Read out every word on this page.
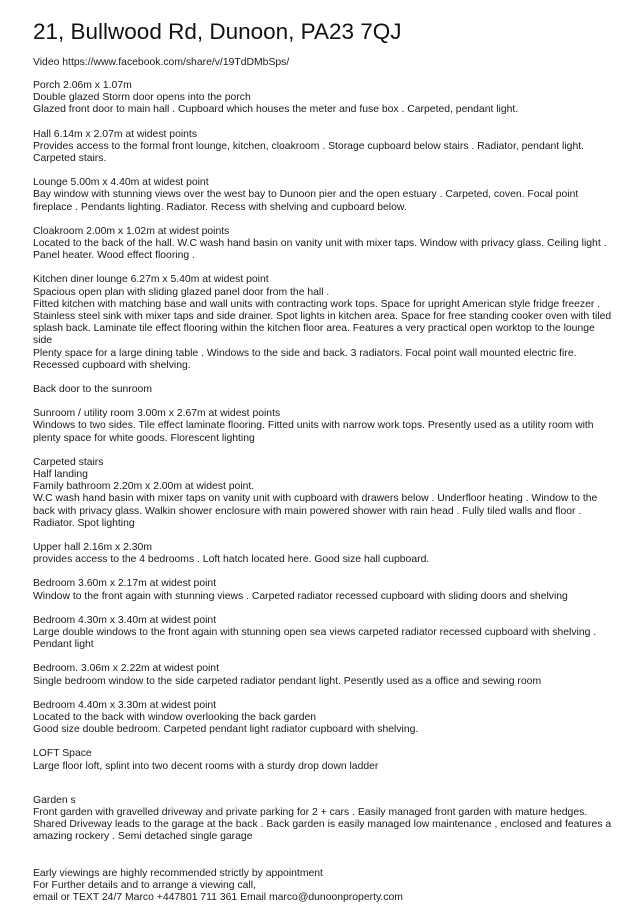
21, Bullwood Rd, Dunoon, PA23 7QJ
Video https://www.facebook.com/share/v/19TdDMbSps/
Porch 2.06m x 1.07m
Double glazed Storm door opens into the porch
Glazed front door to main hall . Cupboard which houses the meter and fuse box . Carpeted, pendant light.
Hall 6.14m x 2.07m at widest points
Provides access to the formal front lounge, kitchen, cloakroom . Storage cupboard below stairs . Radiator, pendant light. Carpeted stairs.
Lounge 5.00m x 4.40m at widest point
Bay window with stunning views over the west bay to Dunoon pier and the open estuary . Carpeted, coven. Focal point fireplace . Pendants lighting. Radiator. Recess with shelving and cupboard below.
Cloakroom 2.00m x 1.02m at widest points
Located to the back of the hall. W.C wash hand basin on vanity unit with mixer taps. Window with privacy glass. Ceiling light . Panel heater. Wood effect flooring .
Kitchen diner lounge 6.27m x 5.40m at widest point
Spacious open plan with sliding glazed panel door from the hall .
Fitted kitchen with matching base and wall units with contracting work tops. Space for upright American style fridge freezer . Stainless steel sink with mixer taps and side drainer. Spot lights in kitchen area. Space for free standing cooker oven with tiled splash back. Laminate tile effect flooring within the kitchen floor area. Features a very practical open worktop to the lounge side
Plenty space for a large dining table . Windows to the side and back. 3 radiators. Focal point wall mounted electric fire. Recessed cupboard with shelving.
Back door to the sunroom
Sunroom / utility room 3.00m x 2.67m at widest points
Windows to two sides. Tile effect laminate flooring. Fitted units with narrow work tops. Presently used as a utility room with plenty space for white goods. Florescent lighting
Carpeted stairs
Half landing
Family bathroom 2.20m x 2.00m at widest point.
W.C wash hand basin with mixer taps on vanity unit with cupboard with drawers below . Underfloor heating . Window to the back with privacy glass. Walkin shower enclosure with main powered shower with rain head . Fully tiled walls and floor . Radiator. Spot lighting
Upper hall 2.16m x 2.30m
provides access to the 4 bedrooms . Loft hatch located here. Good size hall cupboard.
Bedroom 3.60m x 2.17m at widest point
Window to the front again with stunning views . Carpeted radiator recessed cupboard with sliding doors and shelving
Bedroom 4.30m x 3.40m at widest point
Large double windows to the front again with stunning open sea views carpeted radiator recessed cupboard with shelving . Pendant light
Bedroom. 3.06m x 2.22m at widest point
Single bedroom window to the side carpeted radiator pendant light. Pesently used as a office and sewing room
Bedroom 4.40m x 3.30m at widest point
Located to the back with window overlooking the back garden
Good size double bedroom. Carpeted pendant light radiator cupboard with shelving.
LOFT Space
Large floor loft, splint into two decent rooms with a sturdy drop down ladder
Garden s
Front garden with gravelled driveway and private parking for 2 + cars . Easily managed front garden with mature hedges. Shared Driveway leads to the garage at the back . Back garden is easily managed low maintenance , enclosed and features a amazing rockery . Semi detached single garage
Early viewings are highly recommended strictly by appointment
For Further details and to arrange a viewing call,
email or TEXT 24/7 Marco +447801 711 361 Email marco@dunoonproperty.com
